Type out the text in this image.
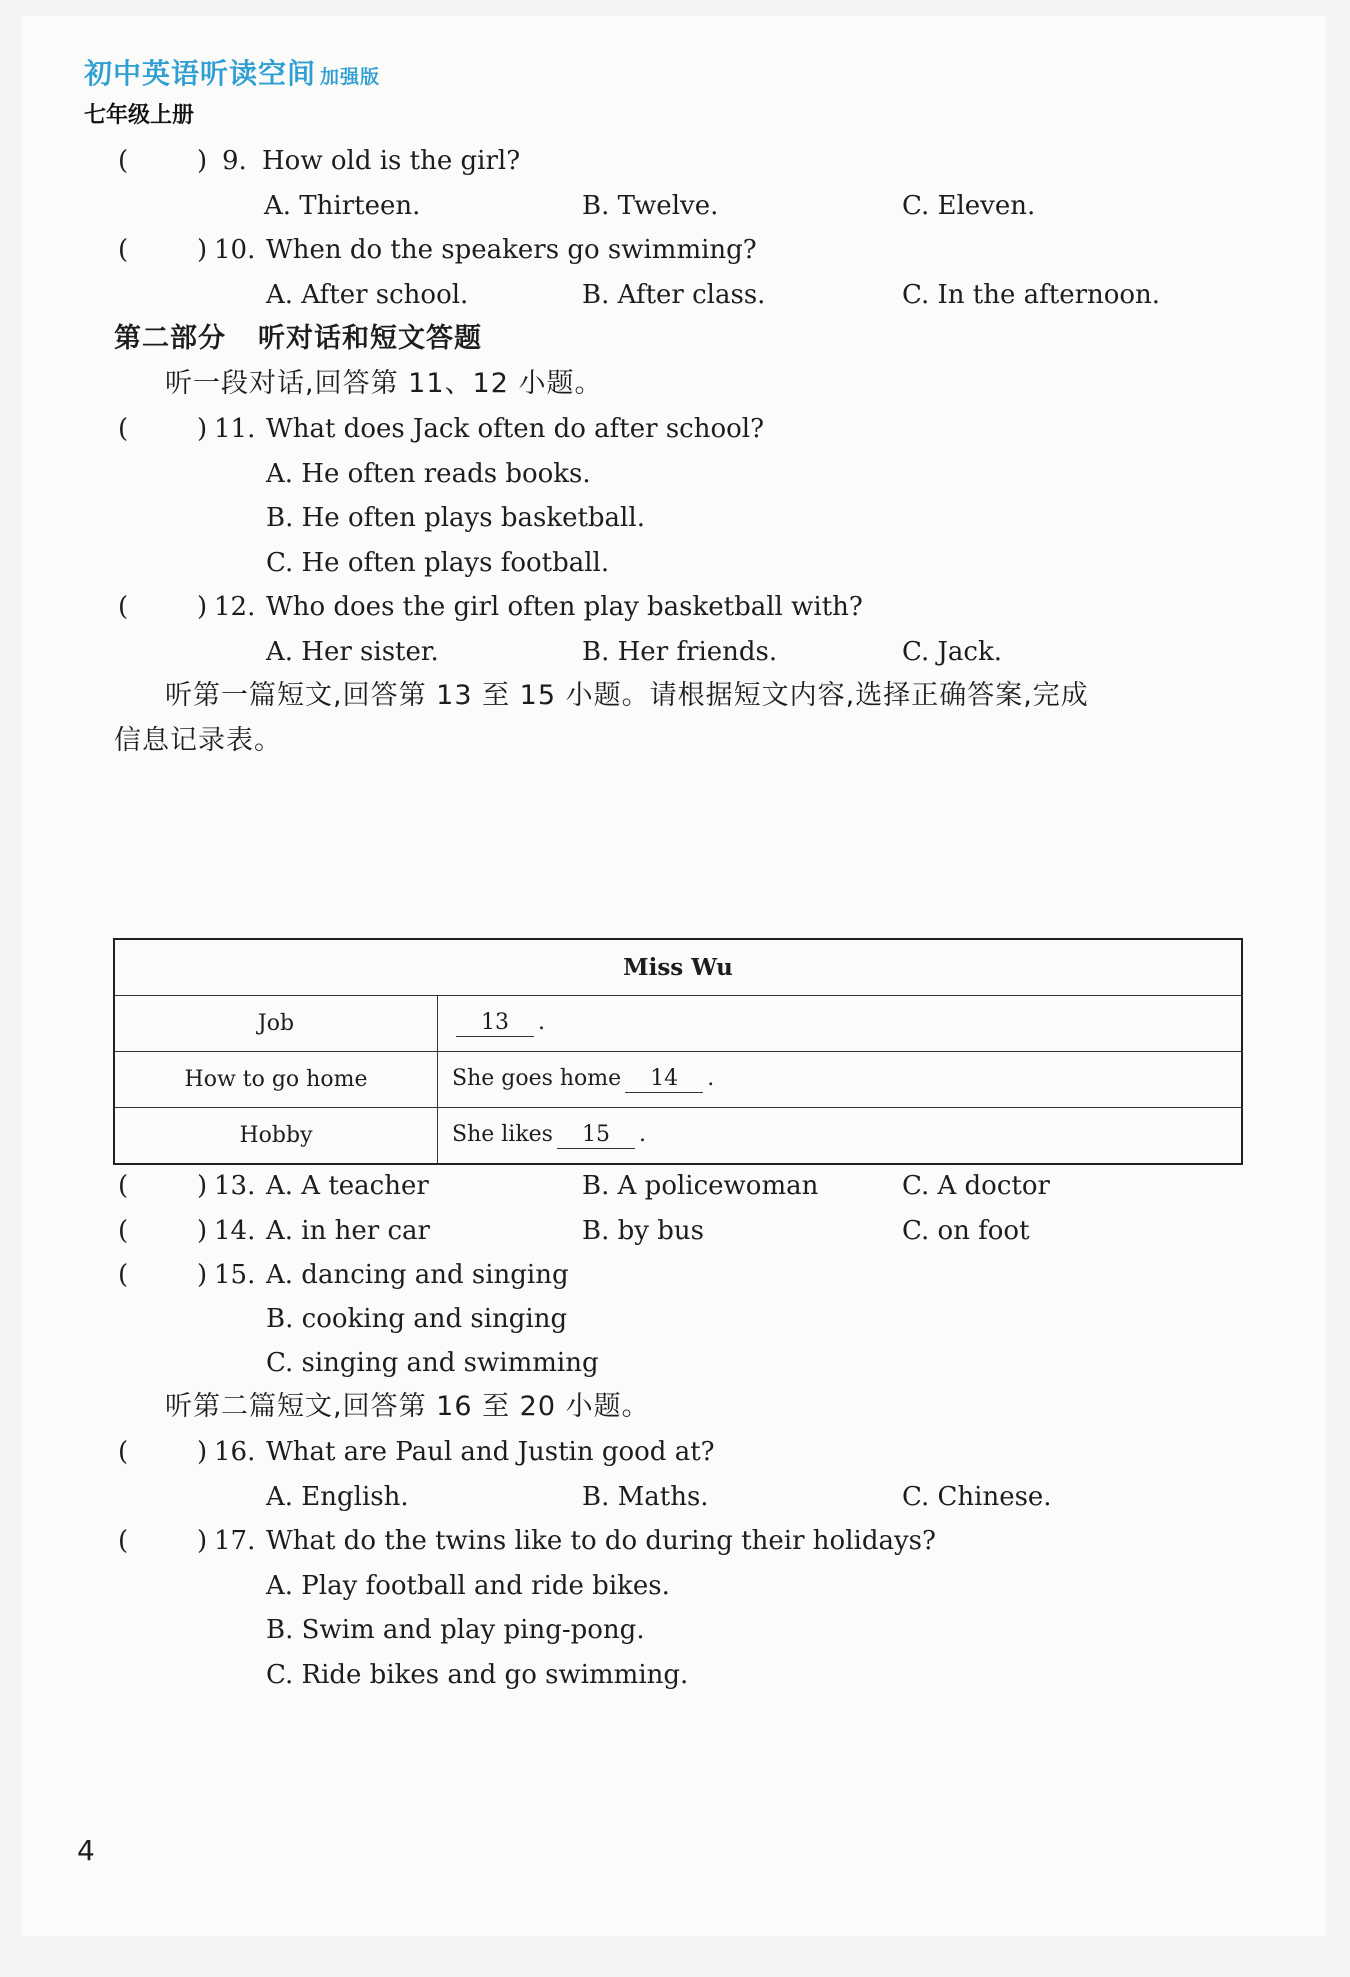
初中英语听读空间 加强版
七年级上册
(	) 9. How old is the girl?
A. Thirteen.	B. Twelve.	C. Eleven.
(	) 10. When do the speakers go swimming?
A. After school.	B. After class.	C. In the afternoon.
第二部分 听对话和短文答题
听一段对话,回答第 11、12 小题。
(	) 11. What does Jack often do after school?
A. He often reads books.
B. He often plays basketball.
C. He often plays football.
(	) 12. Who does the girl often play basketball with?
A. Her sister.	B. Her friends.	C. Jack.
听第一篇短文,回答第 13 至 15 小题。请根据短文内容,选择正确答案,完成
信息记录表。
Miss Wu	
Job	13 .
How to go home	She goes home 14 .
Hobby	She likes 15 .
(	) 13. A. A teacher	B. A policewoman	C. A doctor
(	) 14. A. in her car	B. by bus	C. on foot
(	) 15. A. dancing and singing
B. cooking and singing
C. singing and swimming
听第二篇短文,回答第 16 至 20 小题。
(	) 16. What are Paul and Justin good at?
A. English.	B. Maths.	C. Chinese.
(	) 17. What do the twins like to do during their holidays?
A. Play football and ride bikes.
B. Swim and play ping-pong.
C. Ride bikes and go swimming.
4
